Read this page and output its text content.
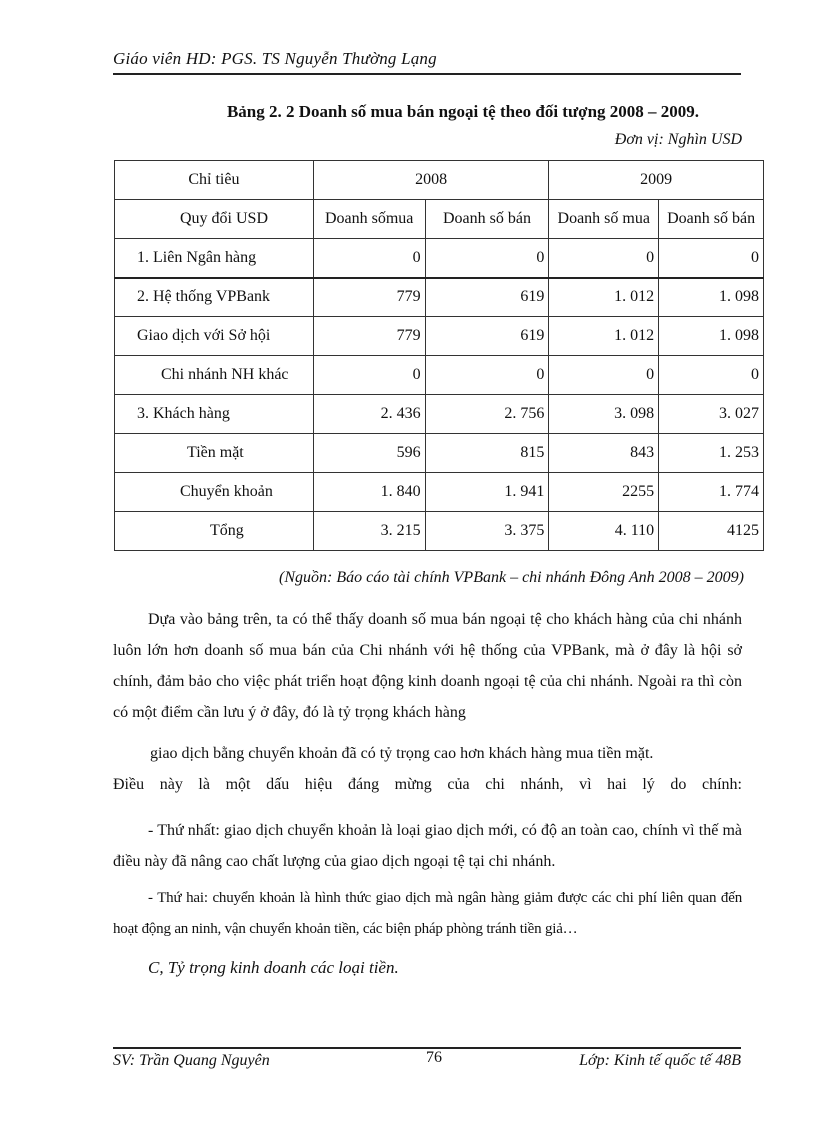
Giáo viên HD: PGS. TS Nguyễn Thường Lạng
Bảng 2. 2 Doanh số mua bán ngoại tệ theo đối tượng 2008 – 2009.
Đơn vị: Nghìn USD
Chỉ tiêu	2008		2009	
Quy đổi USD	Doanh sốmua	Doanh số bán	Doanh số mua	Doanh số bán
1. Liên Ngân hàng	0	0	0	0
2. Hệ thống VPBank	779	619	1. 012	1. 098
Giao dịch với Sở hội	779	619	1. 012	1. 098
Chi nhánh NH khác	0	0	0	0
3. Khách hàng	2. 436	2. 756	3. 098	3. 027
Tiền mặt	596	815	843	1. 253
Chuyển khoản	1. 840	1. 941	2255	1. 774
Tổng	3. 215	3. 375	4. 110	4125
(Nguồn: Báo cáo tài chính VPBank – chi nhánh Đông Anh 2008 – 2009)
Dựa vào bảng trên, ta có thể thấy doanh số mua bán ngoại tệ cho khách hàng của chi nhánh luôn lớn hơn doanh số mua bán của Chi nhánh với hệ thống của VPBank, mà ở đây là hội sở chính, đảm bảo cho việc phát triển hoạt động kinh doanh ngoại tệ của chi nhánh. Ngoài ra thì còn có một điểm cần lưu ý ở đây, đó là tỷ trọng khách hàng
giao dịch bằng chuyển khoản đã có tỷ trọng cao hơn khách hàng mua tiền mặt.
Điều này là một dấu hiệu đáng mừng của chi nhánh, vì hai lý do chính:
- Thứ nhất: giao dịch chuyển khoản là loại giao dịch mới, có độ an toàn cao, chính vì thế mà điều này đã nâng cao chất lượng của giao dịch ngoại tệ tại chi nhánh.
- Thứ hai: chuyển khoản là hình thức giao dịch mà ngân hàng giảm được các chi phí liên quan đến hoạt động an ninh, vận chuyển khoản tiền, các biện pháp phòng tránh tiền giả…
C, Tỷ trọng kinh doanh các loại tiền.
SV: Trần Quang Nguyên	76	Lớp: Kinh tế quốc tế 48B
